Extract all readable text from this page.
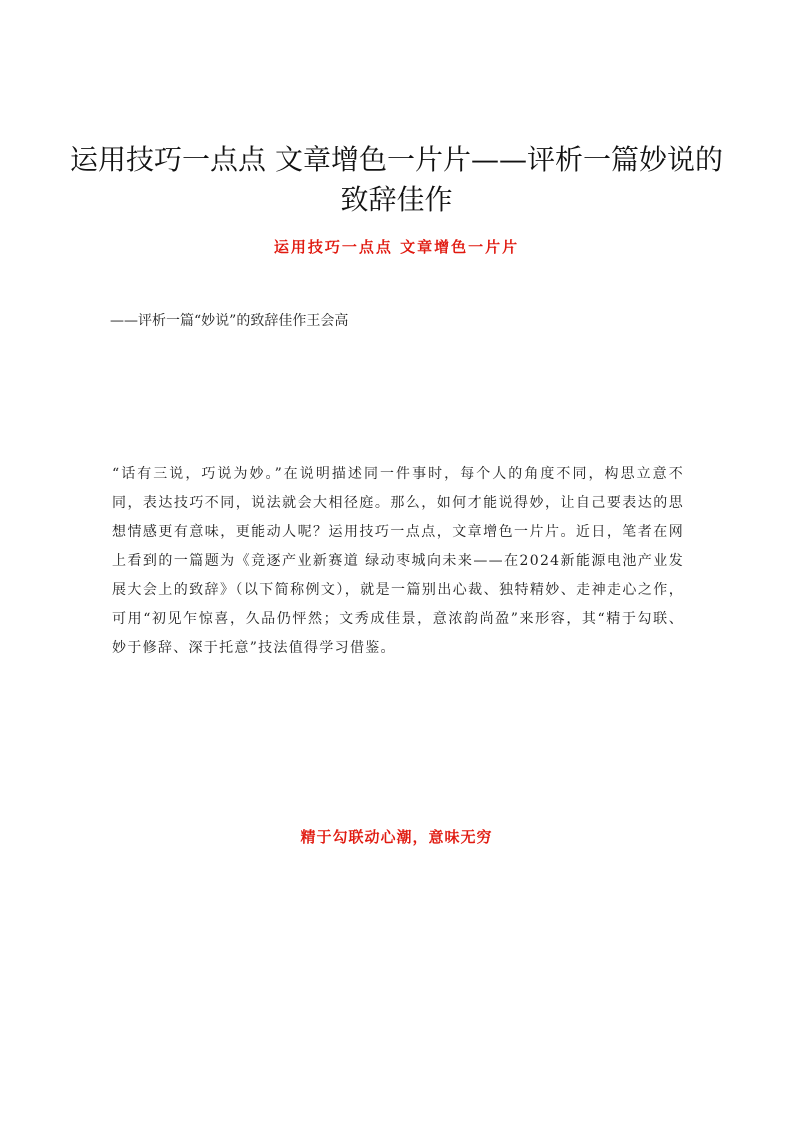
运用技巧一点点 文章增色一片片——评析一篇妙说的致辞佳作

运用技巧一点点 文章增色一片片

——评析一篇“妙说”的致辞佳作王会高

“话有三说，巧说为妙。”在说明描述同一件事时，每个人的角度不同，构思立意不同，表达技巧不同，说法就会大相径庭。那么，如何才能说得妙，让自己要表达的思想情感更有意味，更能动人呢？运用技巧一点点，文章增色一片片。近日，笔者在网上看到的一篇题为《竞逐产业新赛道 绿动枣城向未来——在2024新能源电池产业发展大会上的致辞》（以下简称例文），就是一篇别出心裁、独特精妙、走神走心之作，可用“初见乍惊喜，久品仍怦然；文秀成佳景，意浓韵尚盈”来形容，其“精于勾联、妙于修辞、深于托意”技法值得学习借鉴。

精于勾联动心潮，意味无穷
